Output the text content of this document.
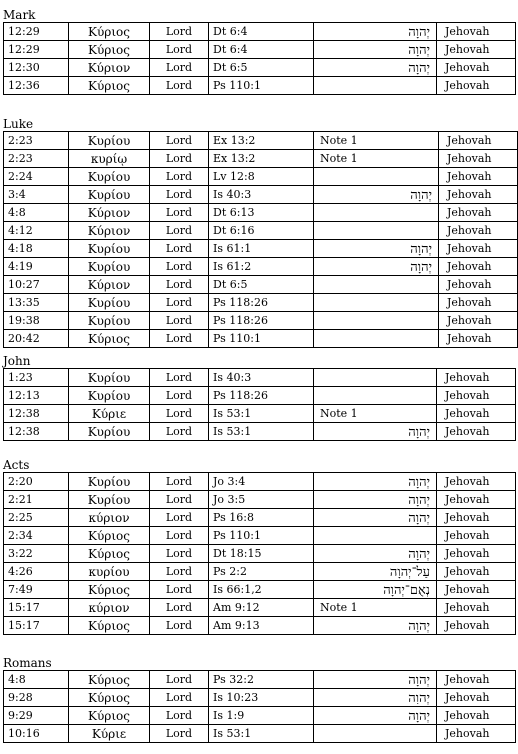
Mark
12:29	Κύριος	Lord	Dt 6:4	יְהוָה	Jehovah
12:29	Κύριος	Lord	Dt 6:4	יְהוָה	Jehovah
12:30	Κύριον	Lord	Dt 6:5	יְהוָה	Jehovah
12:36	Κύριος	Lord	Ps 110:1		Jehovah
Luke
2:23	Κυρίου	Lord	Ex 13:2	Note 1	Jehovah
2:23	κυρίῳ	Lord	Ex 13:2	Note 1	Jehovah
2:24	Κυρίου	Lord	Lv 12:8		Jehovah
3:4	Κυρίου	Lord	Is 40:3	יְהוָה	Jehovah
4:8	Κύριον	Lord	Dt 6:13		Jehovah
4:12	Κύριον	Lord	Dt 6:16		Jehovah
4:18	Κυρίου	Lord	Is 61:1	יְהוָה	Jehovah
4:19	Κυρίου	Lord	Is 61:2	יְהוָה	Jehovah
10:27	Κύριον	Lord	Dt 6:5		Jehovah
13:35	Κυρίου	Lord	Ps 118:26		Jehovah
19:38	Κυρίου	Lord	Ps 118:26		Jehovah
20:42	Κύριος	Lord	Ps 110:1		Jehovah
John
1:23	Κυρίου	Lord	Is 40:3		Jehovah
12:13	Κυρίου	Lord	Ps 118:26		Jehovah
12:38	Κύριε	Lord	Is 53:1	Note 1	Jehovah
12:38	Κυρίου	Lord	Is 53:1	יְהוָה	Jehovah
Acts
2:20	Κυρίου	Lord	Jo 3:4	יְהוָה	Jehovah
2:21	Κυρίου	Lord	Jo 3:5	יְהוָה	Jehovah
2:25	κύριον	Lord	Ps 16:8	יְהוָה	Jehovah
2:34	Κύριος	Lord	Ps 110:1		Jehovah
3:22	Κύριος	Lord	Dt 18:15	יְהוָה	Jehovah
4:26	κυρίου	Lord	Ps 2:2	עַל־יְהוָה	Jehovah
7:49	Κύριος	Lord	Is 66:1,2	נְאֻם־יְהוָה	Jehovah
15:17	κύριον	Lord	Am 9:12	Note 1	Jehovah
15:17	Κύριος	Lord	Am 9:13	יְהוָה	Jehovah
Romans
4:8	Κύριος	Lord	Ps 32:2	יְהוָה	Jehovah
9:28	Κύριος	Lord	Is 10:23	יְהוִה	Jehovah
9:29	Κύριος	Lord	Is 1:9	יְהוָה	Jehovah
10:16	Κύριε	Lord	Is 53:1		Jehovah
